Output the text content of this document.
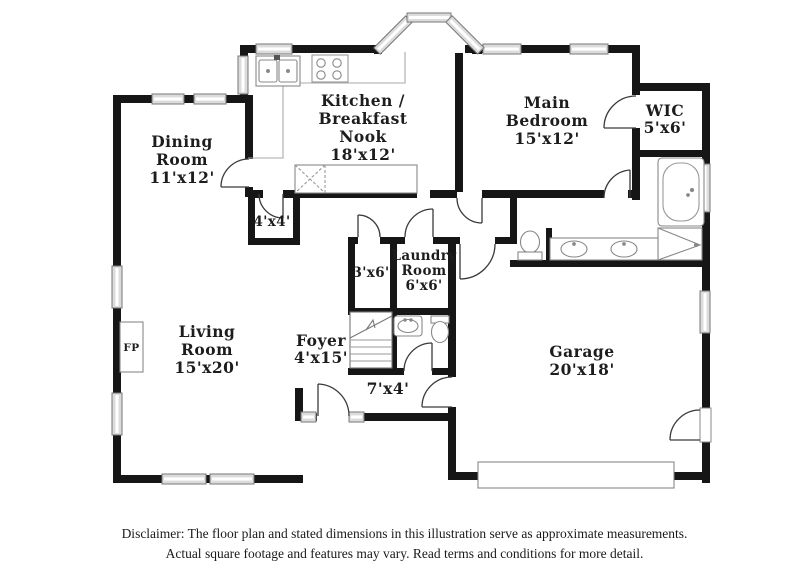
Kitchen /
Breakfast
Nook
18'x12'
Dining
Room
11'x12'
Main
Bedroom
15'x12'
WIC
5'x6'
3'x6'
Laundry
Room
6'x6'
Foyer
4'x15'
7'x4'
Living
Room
15'x20'
Garage
20'x18'
4'x4'
FP
Disclaimer: The floor plan and stated dimensions in this illustration serve as approximate measurements.
Actual square footage and features may vary. Read terms and conditions for more detail.
